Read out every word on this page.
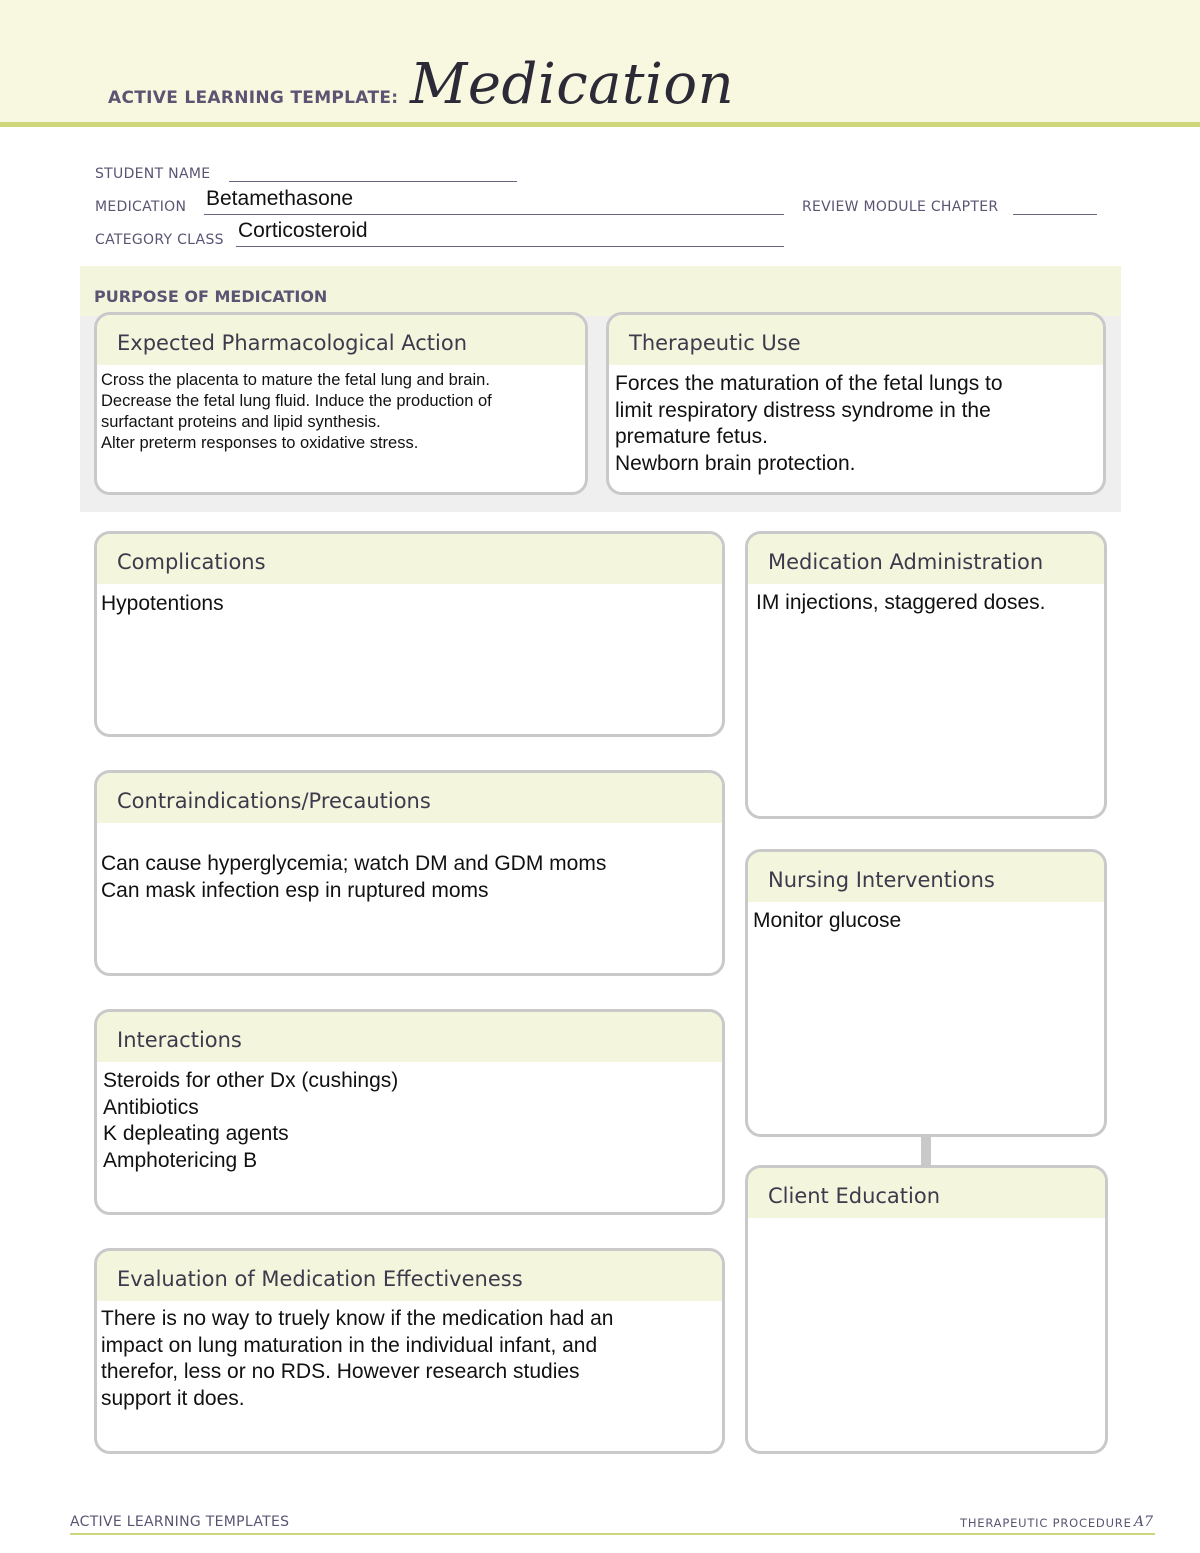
ACTIVE LEARNING TEMPLATE: Medication
STUDENT NAME
MEDICATION Betamethasone	REVIEW MODULE CHAPTER
CATEGORY CLASS Corticosteroid
PURPOSE OF MEDICATION
Expected Pharmacological Action
Cross the placenta to mature the fetal lung and brain.
Decrease the fetal lung fluid. Induce the production of
surfactant proteins and lipid synthesis.
Alter preterm responses to oxidative stress.
Therapeutic Use
Forces the maturation of the fetal lungs to
limit respiratory distress syndrome in the
premature fetus.
Newborn brain protection.
Complications
Hypotentions
Contraindications/Precautions
Can cause hyperglycemia; watch DM and GDM moms
Can mask infection esp in ruptured moms
Interactions
Steroids for other Dx (cushings)
Antibiotics
K depleating agents
Amphotericing B
Evaluation of Medication Effectiveness
There is no way to truely know if the medication had an
impact on lung maturation in the individual infant, and
therefor, less or no RDS. However research studies
support it does.
Medication Administration
IM injections, staggered doses.
Nursing Interventions
Monitor glucose
Client Education
ACTIVE LEARNING TEMPLATES	THERAPEUTIC PROCEDURE A7
